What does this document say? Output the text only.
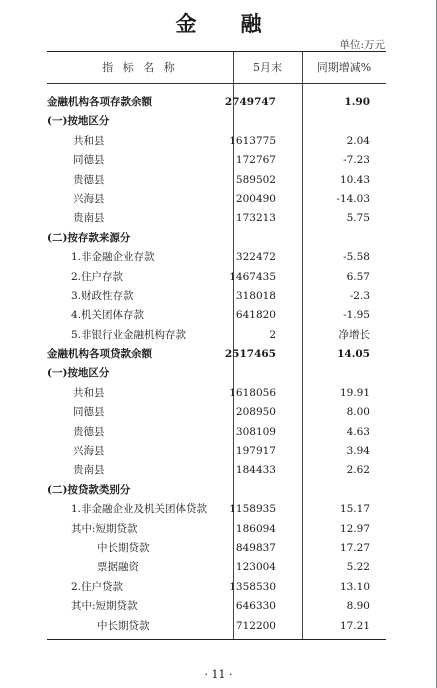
金 融
单位:万元
指 标 名 称	5月末	同期增减%
金融机构各项存款余额	2749747	1.90
(一)按地区分
共和县	1613775	2.04
同德县	172767	-7.23
贵德县	589502	10.43
兴海县	200490	-14.03
贵南县	173213	5.75
(二)按存款来源分
1.非金融企业存款	322472	-5.58
2.住户存款	1467435	6.57
3.财政性存款	318018	-2.3
4.机关团体存款	641820	-1.95
5.非银行业金融机构存款	2	净增长
金融机构各项贷款余额	2517465	14.05
(一)按地区分
共和县	1618056	19.91
同德县	208950	8.00
贵德县	308109	4.63
兴海县	197917	3.94
贵南县	184433	2.62
(二)按贷款类别分
1.非金融企业及机关团体贷款 1158935	15.17
其中:短期贷款	186094	12.97
中长期贷款	849837	17.27
票据融资	123004	5.22
2.住户贷款	1358530	13.10
其中:短期贷款	646330	8.90
中长期贷款	712200	17.21
· 11 ·
